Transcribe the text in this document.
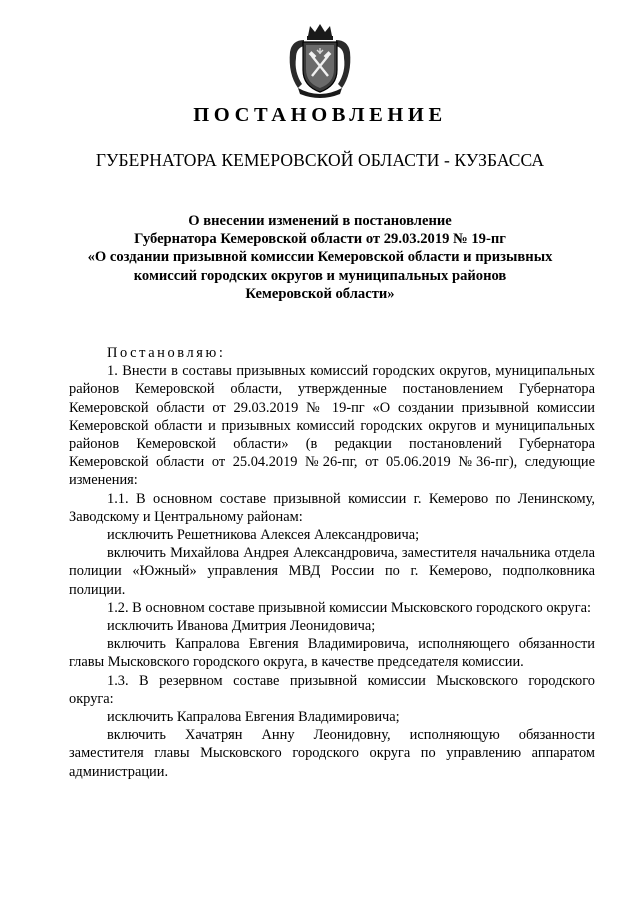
ПОСТАНОВЛЕНИЕ
ГУБЕРНАТОРА КЕМЕРОВСКОЙ ОБЛАСТИ - КУЗБАССА
О внесении изменений в постановление
Губернатора Кемеровской области от 29.03.2019 № 19-пг
«О создании призывной комиссии Кемеровской области и призывных
комиссий городских округов и муниципальных районов
Кемеровской области»

Постановляю:

1. Внести в составы призывных комиссий городских округов, муниципальных районов Кемеровской области, утвержденные постановлением Губернатора Кемеровской области от 29.03.2019 № 19-пг «О создании призывной комиссии Кемеровской области и призывных комиссий городских округов и муниципальных районов Кемеровской области» (в редакции постановлений Губернатора Кемеровской области от 25.04.2019 №26-пг, от 05.06.2019 №36-пг), следующие изменения:

1.1. В основном составе призывной комиссии г. Кемерово по Ленинскому, Заводскому и Центральному районам:

исключить Решетникова Алексея Александровича;

включить Михайлова Андрея Александровича, заместителя начальника отдела полиции «Южный» управления МВД России по г. Кемерово, подполковника полиции.

1.2. В основном составе призывной комиссии Мысковского городского округа:

исключить Иванова Дмитрия Леонидовича;

включить Капралова Евгения Владимировича, исполняющего обязанности главы Мысковского городского округа, в качестве председателя комиссии.

1.3. В резервном составе призывной комиссии Мысковского городского округа:

исключить Капралова Евгения Владимировича;

включить Хачатрян Анну Леонидовну, исполняющую обязанности заместителя главы Мысковского городского округа по управлению аппаратом администрации.
